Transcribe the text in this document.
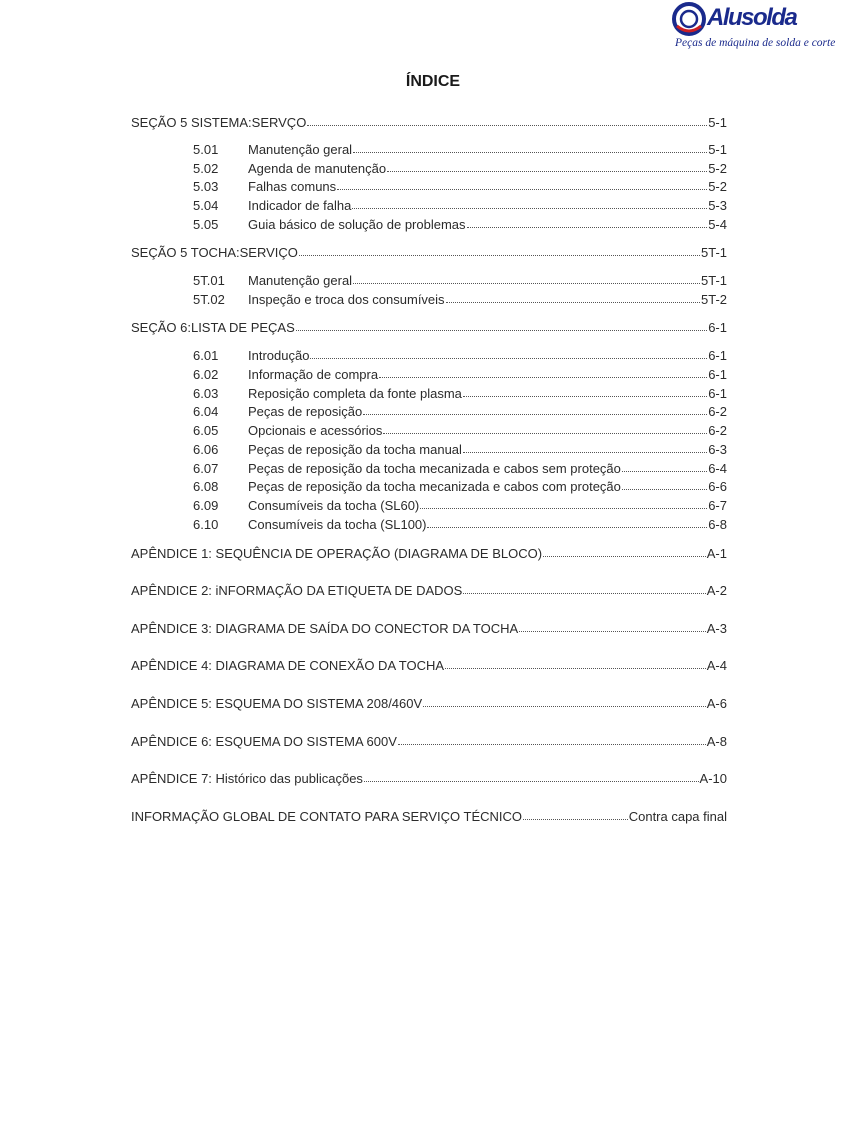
Alusolda
Peças de máquina de solda e corte
ÍNDICE
SEÇÃO 5 SISTEMA:SERVÇO	5-1
5.01	Manutenção geral	5-1
5.02	Agenda de manutenção	5-2
5.03	Falhas comuns	5-2
5.04	Indicador de falha	5-3
5.05	Guia básico de solução de problemas	5-4
SEÇÃO 5 TOCHA:SERVIÇO	5T-1
5T.01	Manutenção geral	5T-1
5T.02	Inspeção e troca dos consumíveis	5T-2
SEÇÃO 6:LISTA DE PEÇAS	6-1
6.01	Introdução	6-1
6.02	Informação de compra	6-1
6.03	Reposição completa da fonte plasma	6-1
6.04	Peças de reposição	6-2
6.05	Opcionais e acessórios	6-2
6.06	Peças de reposição da tocha manual	6-3
6.07	Peças de reposição da tocha mecanizada e cabos sem proteção	6-4
6.08	Peças de reposição da tocha mecanizada e cabos com proteção	6-6
6.09	Consumíveis da tocha (SL60)	6-7
6.10	Consumíveis da tocha (SL100)	6-8
APÊNDICE 1: SEQUÊNCIA DE OPERAÇÃO (DIAGRAMA DE BLOCO)	A-1
APÊNDICE 2: iNFORMAÇÃO DA ETIQUETA DE DADOS	A-2
APÊNDICE 3: DIAGRAMA DE SAÍDA DO CONECTOR DA TOCHA	A-3
APÊNDICE 4: DIAGRAMA DE CONEXÃO DA TOCHA	A-4
APÊNDICE 5: ESQUEMA DO SISTEMA 208/460V	A-6
APÊNDICE 6: ESQUEMA DO SISTEMA 600V	A-8
APÊNDICE 7: Histórico das publicações	A-10
INFORMAÇÃO GLOBAL DE CONTATO PARA SERVIÇO TÉCNICO	Contra capa final
